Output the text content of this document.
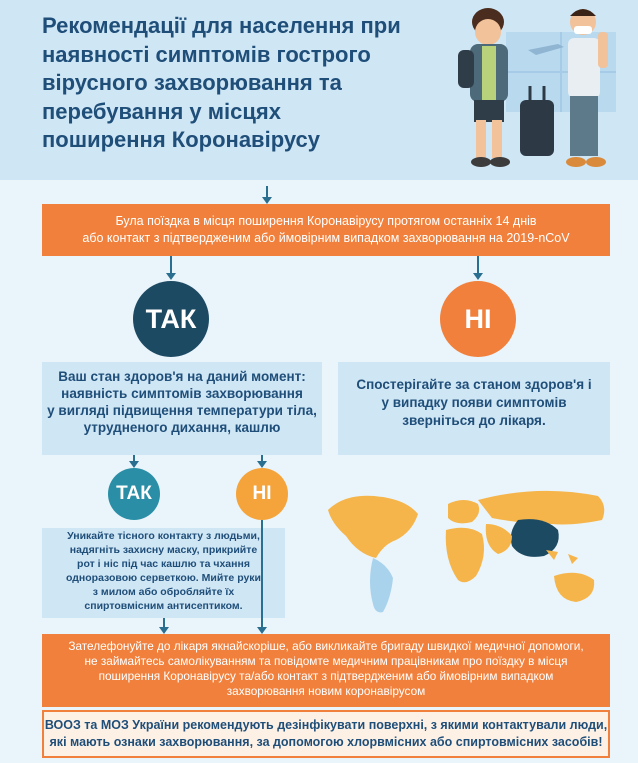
Рекомендації для населення при
наявності симптомів гострого
вірусного захворювання та
перебування у місцях
поширення Коронавірусу
Була поїздка в місця поширення Коронавірусу протягом останніх 14 днів
або контакт з підтвердженим або ймовірним випадком захворювання на 2019-nCoV
ТАК	НІ
Ваш стан здоров'я на даний момент:
наявність симптомів захворювання
у вигляді підвищення температури тіла,
утрудненого дихання, кашлю
Спостерігайте за станом здоров'я і
у випадку появи симптомів
зверніться до лікаря.
ТАК	НІ
Уникайте тісного контакту з людьми,
надягніть захисну маску, прикрийте
рот і ніс під час кашлю та чхання
одноразовою серветкою. Мийте руки
з милом або обробляйте їх
спиртовмісним антисептиком.
Зателефонуйте до лікаря якнайскоріше, або викликайте бригаду швидкої медичної допомоги,
не займайтесь самолікуванням та повідомте медичним працівникам про поїздку в місця
поширення Коронавірусу та/або контакт з підтвердженим або ймовірним випадком
захворювання новим коронавірусом
ВООЗ та МОЗ України рекомендують дезінфікувати поверхні, з якими контактували люди,
які мають ознаки захворювання, за допомогою хлорвмісних або спиртовмісних засобів!
